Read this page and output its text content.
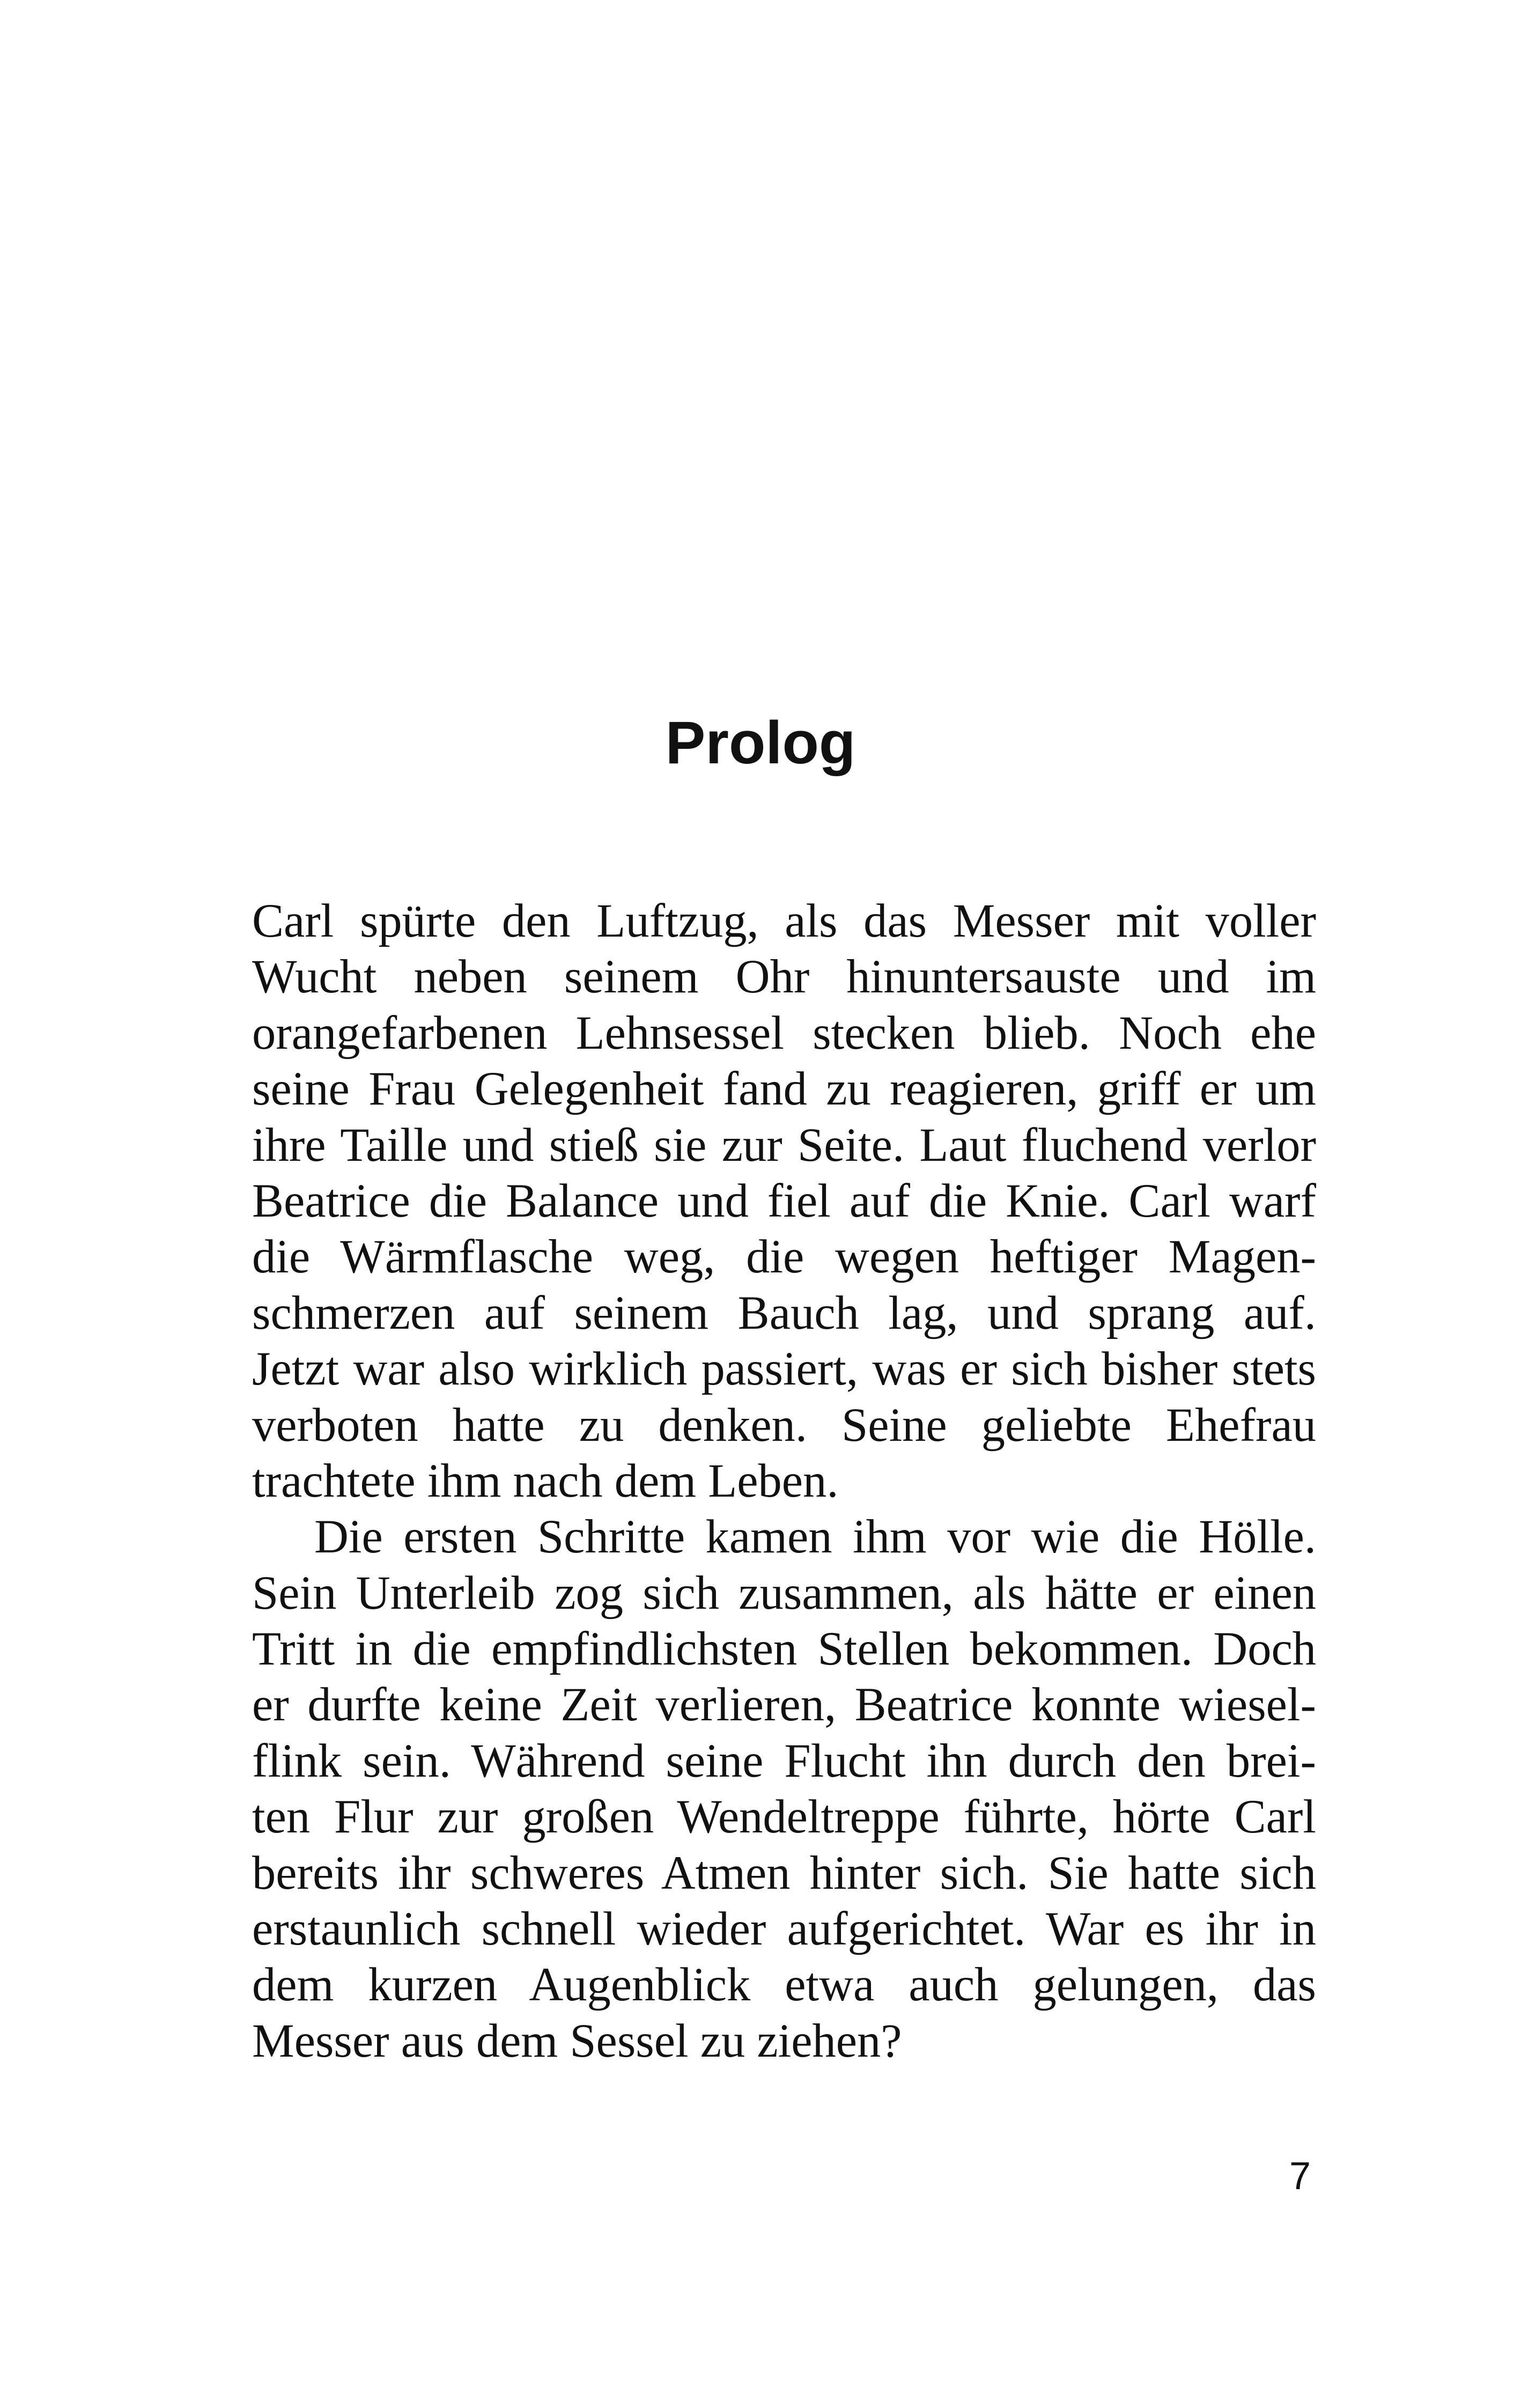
Prolog
Carl spürte den Luftzug, als das Messer mit voller
Wucht neben seinem Ohr hinuntersauste und im
orangefarbenen Lehnsessel stecken blieb. Noch ehe
seine Frau Gelegenheit fand zu reagieren, griff er um
ihre Taille und stieß sie zur Seite. Laut fluchend verlor
Beatrice die Balance und fiel auf die Knie. Carl warf
die Wärmflasche weg, die wegen heftiger Magen-
schmerzen auf seinem Bauch lag, und sprang auf.
Jetzt war also wirklich passiert, was er sich bisher stets
verboten hatte zu denken. Seine geliebte Ehefrau
trachtete ihm nach dem Leben.
Die ersten Schritte kamen ihm vor wie die Hölle.
Sein Unterleib zog sich zusammen, als hätte er einen
Tritt in die empfindlichsten Stellen bekommen. Doch
er durfte keine Zeit verlieren, Beatrice konnte wiesel-
flink sein. Während seine Flucht ihn durch den brei-
ten Flur zur großen Wendeltreppe führte, hörte Carl
bereits ihr schweres Atmen hinter sich. Sie hatte sich
erstaunlich schnell wieder aufgerichtet. War es ihr in
dem kurzen Augenblick etwa auch gelungen, das
Messer aus dem Sessel zu ziehen?
7
